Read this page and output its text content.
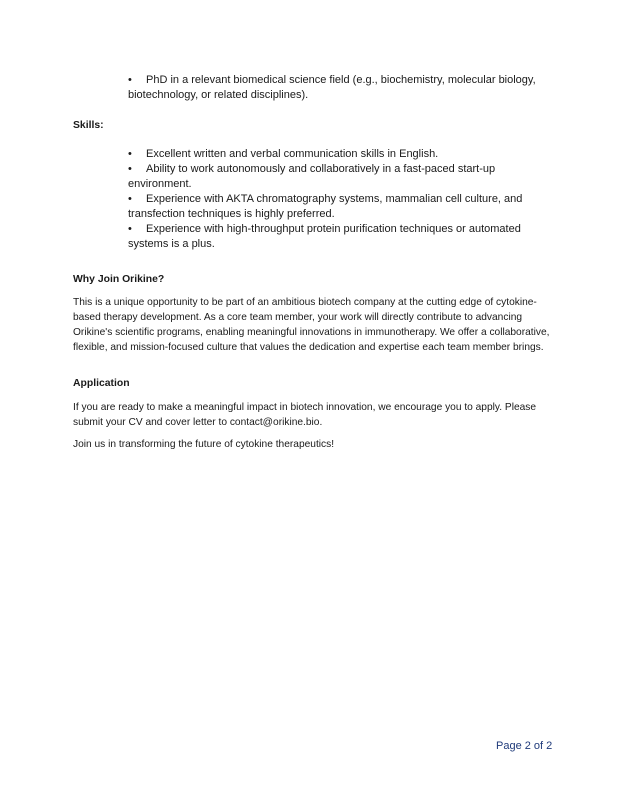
•	PhD in a relevant biomedical science field (e.g., biochemistry, molecular biology, biotechnology, or related disciplines).
Skills:
•	Excellent written and verbal communication skills in English.
•	Ability to work autonomously and collaboratively in a fast-paced start-up environment.
•	Experience with AKTA chromatography systems, mammalian cell culture, and transfection techniques is highly preferred.
•	Experience with high-throughput protein purification techniques or automated systems is a plus.
Why Join Orikine?
This is a unique opportunity to be part of an ambitious biotech company at the cutting edge of cytokine-based therapy development. As a core team member, your work will directly contribute to advancing Orikine's scientific programs, enabling meaningful innovations in immunotherapy. We offer a collaborative, flexible, and mission-focused culture that values the dedication and expertise each team member brings.
Application
If you are ready to make a meaningful impact in biotech innovation, we encourage you to apply. Please submit your CV and cover letter to contact@orikine.bio.
Join us in transforming the future of cytokine therapeutics!
Page 2 of 2
